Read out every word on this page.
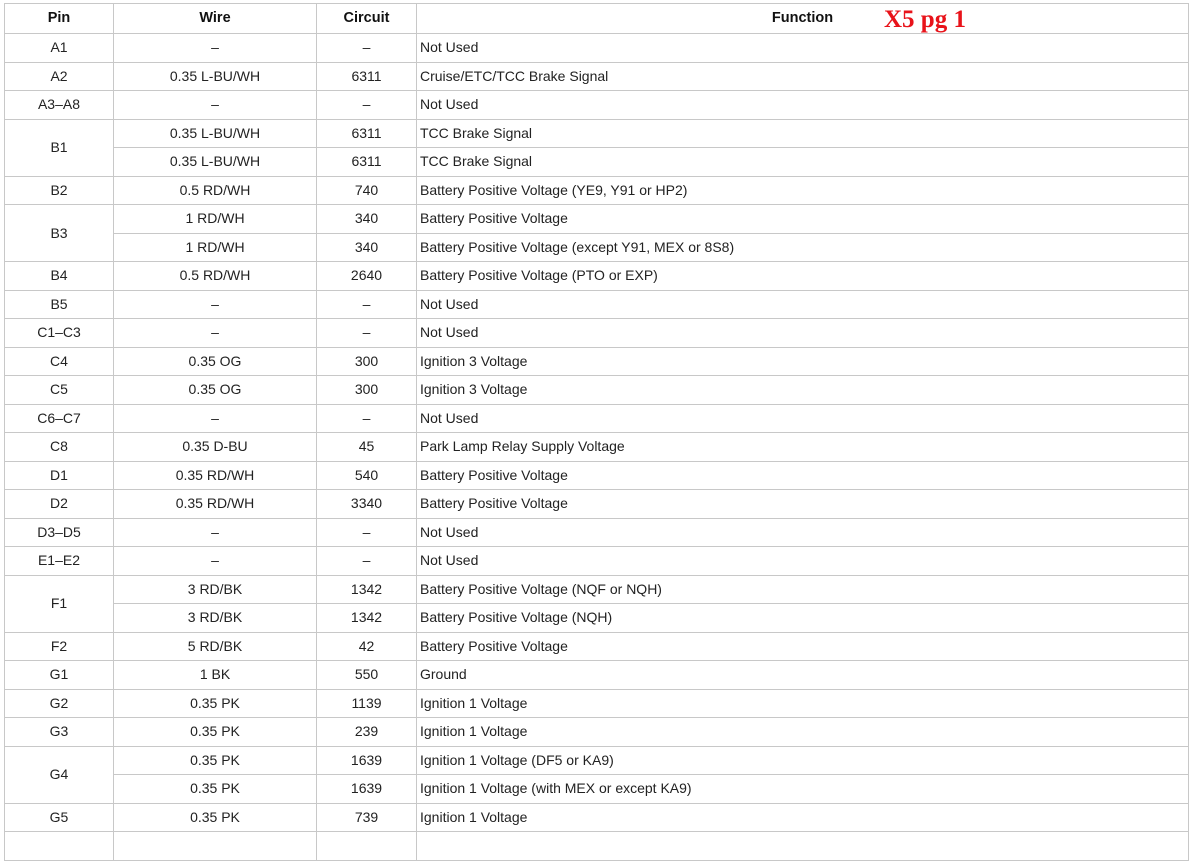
Pin	Wire	Circuit	Function
A1	–	–	Not Used
A2	0.35 L-BU/WH	6311	Cruise/ETC/TCC Brake Signal
A3–A8	–	–	Not Used
B1	0.35 L-BU/WH	6311	TCC Brake Signal
	0.35 L-BU/WH	6311	TCC Brake Signal
B2	0.5 RD/WH	740	Battery Positive Voltage (YE9, Y91 or HP2)
B3	1 RD/WH	340	Battery Positive Voltage
	1 RD/WH	340	Battery Positive Voltage (except Y91, MEX or 8S8)
B4	0.5 RD/WH	2640	Battery Positive Voltage (PTO or EXP)
B5	–	–	Not Used
C1–C3	–	–	Not Used
C4	0.35 OG	300	Ignition 3 Voltage
C5	0.35 OG	300	Ignition 3 Voltage
C6–C7	–	–	Not Used
C8	0.35 D-BU	45	Park Lamp Relay Supply Voltage
D1	0.35 RD/WH	540	Battery Positive Voltage
D2	0.35 RD/WH	3340	Battery Positive Voltage
D3–D5	–	–	Not Used
E1–E2	–	–	Not Used
F1	3 RD/BK	1342	Battery Positive Voltage (NQF or NQH)
	3 RD/BK	1342	Battery Positive Voltage (NQH)
F2	5 RD/BK	42	Battery Positive Voltage
G1	1 BK	550	Ground
G2	0.35 PK	1139	Ignition 1 Voltage
G3	0.35 PK	239	Ignition 1 Voltage
G4	0.35 PK	1639	Ignition 1 Voltage (DF5 or KA9)
	0.35 PK	1639	Ignition 1 Voltage (with MEX or except KA9)
G5	0.35 PK	739	Ignition 1 Voltage

X5 pg 1
